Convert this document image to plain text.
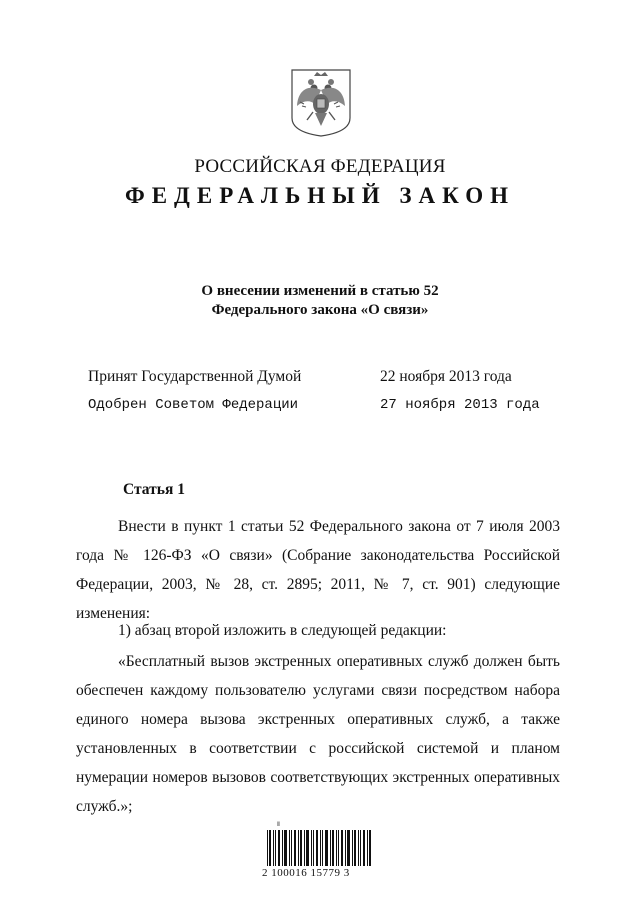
РОССИЙСКАЯ ФЕДЕРАЦИЯ
ФЕДЕРАЛЬНЫЙ ЗАКОН
О внесении изменений в статью 52
Федерального закона «О связи»
Принят Государственной Думой	22 ноября 2013 года
Одобрен Советом Федерации	27 ноября 2013 года
Статья 1
Внести в пункт 1 статьи 52 Федерального закона от 7 июля 2003 года № 126-ФЗ «О связи» (Собрание законодательства Российской Федерации, 2003, № 28, ст. 2895; 2011, № 7, ст. 901) следующие изменения:
1) абзац второй изложить в следующей редакции:
«Бесплатный вызов экстренных оперативных служб должен быть обеспечен каждому пользователю услугами связи посредством набора единого номера вызова экстренных оперативных служб, а также установленных в соответствии с российской системой и планом нумерации номеров вызовов соответствующих экстренных оперативных служб.»;
Ⅱ
2 100016 15779 3
